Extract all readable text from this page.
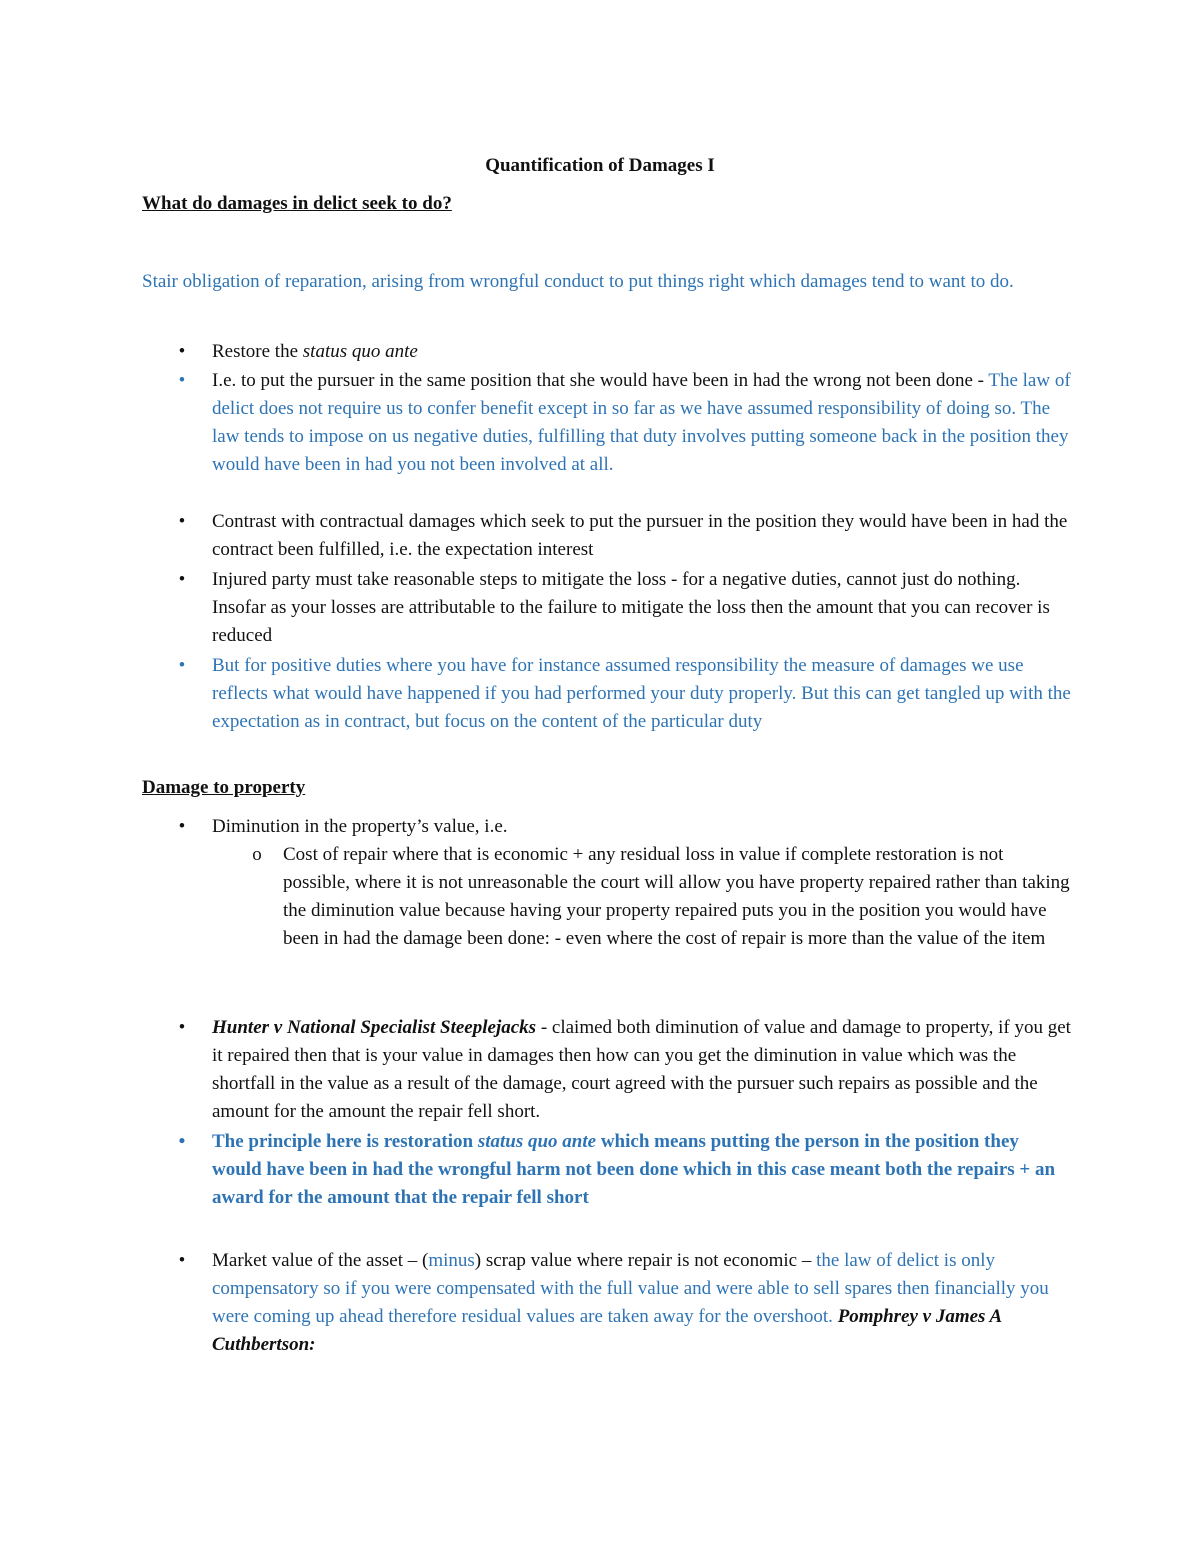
Quantification of Damages I
What do damages in delict seek to do?
Stair obligation of reparation, arising from wrongful conduct to put things right which damages tend to want to do.
•	Restore the status quo ante
•	I.e. to put the pursuer in the same position that she would have been in had the wrong not been done - The law of delict does not require us to confer benefit except in so far as we have assumed responsibility of doing so. The law tends to impose on us negative duties, fulfilling that duty involves putting someone back in the position they would have been in had you not been involved at all.
•	Contrast with contractual damages which seek to put the pursuer in the position they would have been in had the contract been fulfilled, i.e. the expectation interest
•	Injured party must take reasonable steps to mitigate the loss - for a negative duties, cannot just do nothing. Insofar as your losses are attributable to the failure to mitigate the loss then the amount that you can recover is reduced
•	But for positive duties where you have for instance assumed responsibility the measure of damages we use reflects what would have happened if you had performed your duty properly. But this can get tangled up with the expectation as in contract, but focus on the content of the particular duty
Damage to property
•	Diminution in the property’s value, i.e.
o Cost of repair where that is economic + any residual loss in value if complete restoration is not possible, where it is not unreasonable the court will allow you have property repaired rather than taking the diminution value because having your property repaired puts you in the position you would have been in had the damage been done: - even where the cost of repair is more than the value of the item
•	Hunter v National Specialist Steeplejacks - claimed both diminution of value and damage to property, if you get it repaired then that is your value in damages then how can you get the diminution in value which was the shortfall in the value as a result of the damage, court agreed with the pursuer such repairs as possible and the amount for the amount the repair fell short.
•	The principle here is restoration status quo ante which means putting the person in the position they would have been in had the wrongful harm not been done which in this case meant both the repairs + an award for the amount that the repair fell short
•	Market value of the asset – (minus) scrap value where repair is not economic – the law of delict is only compensatory so if you were compensated with the full value and were able to sell spares then financially you were coming up ahead therefore residual values are taken away for the overshoot. Pomphrey v James A Cuthbertson:
